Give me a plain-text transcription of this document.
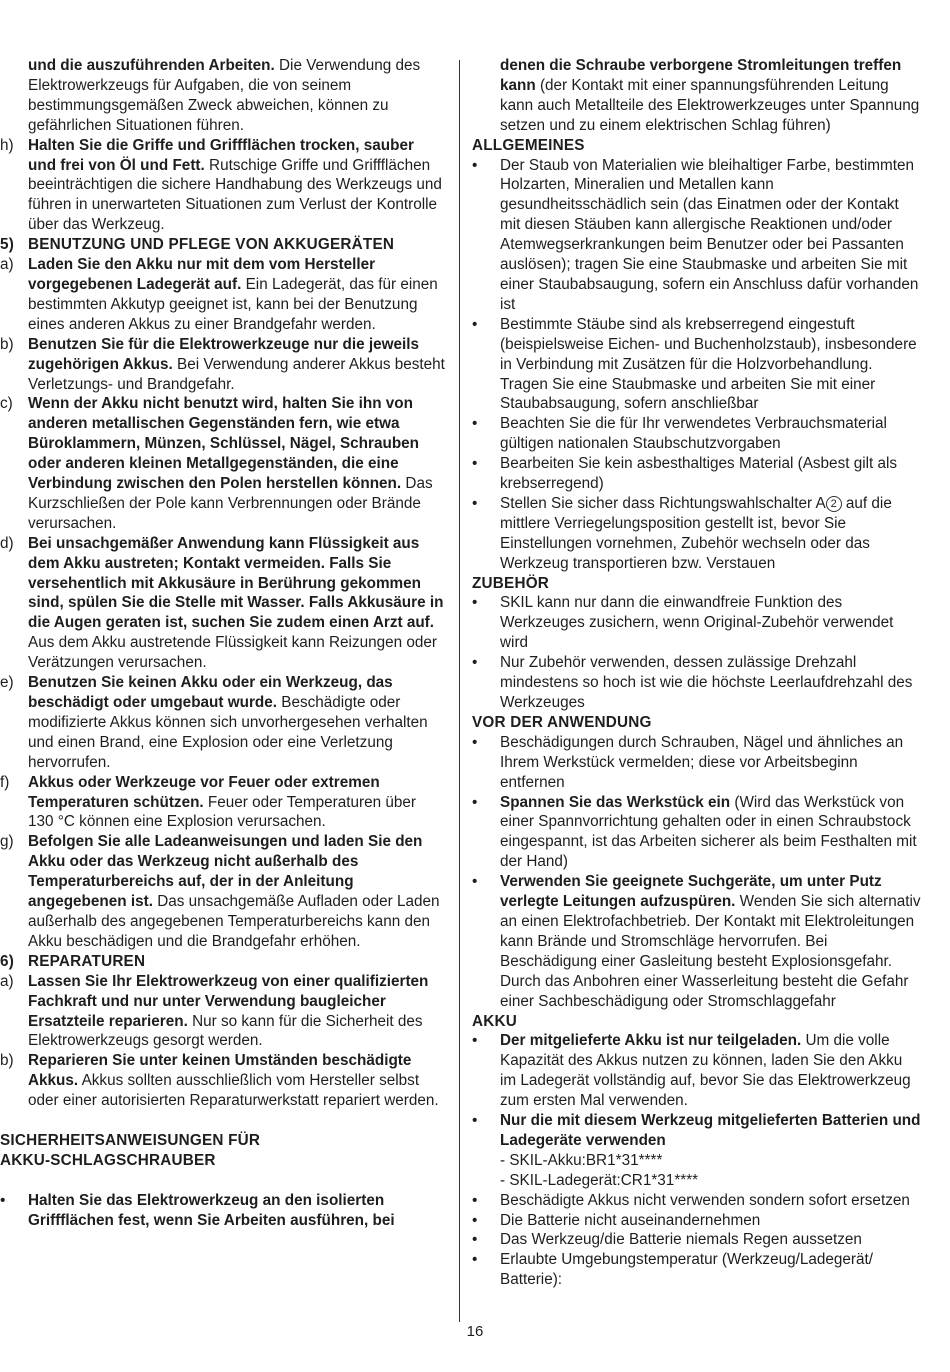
und die auszuführenden Arbeiten. Die Verwendung des Elektrowerkzeugs für Aufgaben, die von seinem bestimmungsgemäßen Zweck abweichen, können zu gefährlichen Situationen führen.
h) Halten Sie die Griffe und Griffflächen trocken, sauber und frei von Öl und Fett. Rutschige Griffe und Griffflächen beeinträchtigen die sichere Handhabung des Werkzeugs und führen in unerwarteten Situationen zum Verlust der Kontrolle über das Werkzeug.
5) BENUTZUNG UND PFLEGE VON AKKUGERÄTEN
a) Laden Sie den Akku nur mit dem vom Hersteller vorgegebenen Ladegerät auf. Ein Ladegerät, das für einen bestimmten Akkutyp geeignet ist, kann bei der Benutzung eines anderen Akkus zu einer Brandgefahr werden.
b) Benutzen Sie für die Elektrowerkzeuge nur die jeweils zugehörigen Akkus. Bei Verwendung anderer Akkus besteht Verletzungs- und Brandgefahr.
c) Wenn der Akku nicht benutzt wird, halten Sie ihn von anderen metallischen Gegenständen fern, wie etwa Büroklammern, Münzen, Schlüssel, Nägel, Schrauben oder anderen kleinen Metallgegenständen, die eine Verbindung zwischen den Polen herstellen können. Das Kurzschließen der Pole kann Verbrennungen oder Brände verursachen.
d) Bei unsachgemäßer Anwendung kann Flüssigkeit aus dem Akku austreten; Kontakt vermeiden. Falls Sie versehentlich mit Akkusäure in Berührung gekommen sind, spülen Sie die Stelle mit Wasser. Falls Akkusäure in die Augen geraten ist, suchen Sie zudem einen Arzt auf. Aus dem Akku austretende Flüssigkeit kann Reizungen oder Verätzungen verursachen.
e) Benutzen Sie keinen Akku oder ein Werkzeug, das beschädigt oder umgebaut wurde. Beschädigte oder modifizierte Akkus können sich unvorhergesehen verhalten und einen Brand, eine Explosion oder eine Verletzung hervorrufen.
f) Akkus oder Werkzeuge vor Feuer oder extremen Temperaturen schützen. Feuer oder Temperaturen über 130 °C können eine Explosion verursachen.
g) Befolgen Sie alle Ladeanweisungen und laden Sie den Akku oder das Werkzeug nicht außerhalb des Temperaturbereichs auf, der in der Anleitung angegebenen ist. Das unsachgemäße Aufladen oder Laden außerhalb des angegebenen Temperaturbereichs kann den Akku beschädigen und die Brandgefahr erhöhen.
6) REPARATUREN
a) Lassen Sie Ihr Elektrowerkzeug von einer qualifizierten Fachkraft und nur unter Verwendung baugleicher Ersatzteile reparieren. Nur so kann für die Sicherheit des Elektrowerkzeugs gesorgt werden.
b) Reparieren Sie unter keinen Umständen beschädigte Akkus. Akkus sollten ausschließlich vom Hersteller selbst oder einer autorisierten Reparaturwerkstatt repariert werden.
SICHERHEITSANWEISUNGEN FÜR AKKU-SCHLAGSCHRAUBER
• Halten Sie das Elektrowerkzeug an den isolierten Griffflächen fest, wenn Sie Arbeiten ausführen, bei
denen die Schraube verborgene Stromleitungen treffen kann (der Kontakt mit einer spannungsführenden Leitung kann auch Metallteile des Elektrowerkzeuges unter Spannung setzen und zu einem elektrischen Schlag führen)
ALLGEMEINES
• Der Staub von Materialien wie bleihaltiger Farbe, bestimmten Holzarten, Mineralien und Metallen kann gesundheitsschädlich sein (das Einatmen oder der Kontakt mit diesen Stäuben kann allergische Reaktionen und/oder Atemwegserkrankungen beim Benutzer oder bei Passanten auslösen); tragen Sie eine Staubmaske und arbeiten Sie mit einer Staubabsaugung, sofern ein Anschluss dafür vorhanden ist
• Bestimmte Stäube sind als krebserregend eingestuft (beispielsweise Eichen- und Buchenholzstaub), insbesondere in Verbindung mit Zusätzen für die Holzvorbehandlung. Tragen Sie eine Staubmaske und arbeiten Sie mit einer Staubabsaugung, sofern anschließbar
• Beachten Sie die für Ihr verwendetes Verbrauchsmaterial gültigen nationalen Staubschutzvorgaben
• Bearbeiten Sie kein asbesthaltiges Material (Asbest gilt als krebserregend)
• Stellen Sie sicher dass Richtungswahlschalter A 2 auf die mittlere Verriegelungsposition gestellt ist, bevor Sie Einstellungen vornehmen, Zubehör wechseln oder das Werkzeug transportieren bzw. Verstauen
ZUBEHÖR
• SKIL kann nur dann die einwandfreie Funktion des Werkzeuges zusichern, wenn Original-Zubehör verwendet wird
• Nur Zubehör verwenden, dessen zulässige Drehzahl mindestens so hoch ist wie die höchste Leerlaufdrehzahl des Werkzeuges
VOR DER ANWENDUNG
• Beschädigungen durch Schrauben, Nägel und ähnliches an Ihrem Werkstück vermelden; diese vor Arbeitsbeginn entfernen
• Spannen Sie das Werkstück ein (Wird das Werkstück von einer Spannvorrichtung gehalten oder in einen Schraubstock eingespannt, ist das Arbeiten sicherer als beim Festhalten mit der Hand)
• Verwenden Sie geeignete Suchgeräte, um unter Putz verlegte Leitungen aufzuspüren. Wenden Sie sich alternativ an einen Elektrofachbetrieb. Der Kontakt mit Elektroleitungen kann Brände und Stromschläge hervorrufen. Bei Beschädigung einer Gasleitung besteht Explosionsgefahr. Durch das Anbohren einer Wasserleitung besteht die Gefahr einer Sachbeschädigung oder Stromschlaggefahr
AKKU
• Der mitgelieferte Akku ist nur teilgeladen. Um die volle Kapazität des Akkus nutzen zu können, laden Sie den Akku im Ladegerät vollständig auf, bevor Sie das Elektrowerkzeug zum ersten Mal verwenden.
• Nur die mit diesem Werkzeug mitgelieferten Batterien und Ladegeräte verwenden
- SKIL-Akku:BR1*31****
- SKIL-Ladegerät:CR1*31****
• Beschädigte Akkus nicht verwenden sondern sofort ersetzen
• Die Batterie nicht auseinandernehmen
• Das Werkzeug/die Batterie niemals Regen aussetzen
• Erlaubte Umgebungstemperatur (Werkzeug/Ladegerät/ Batterie):
16
